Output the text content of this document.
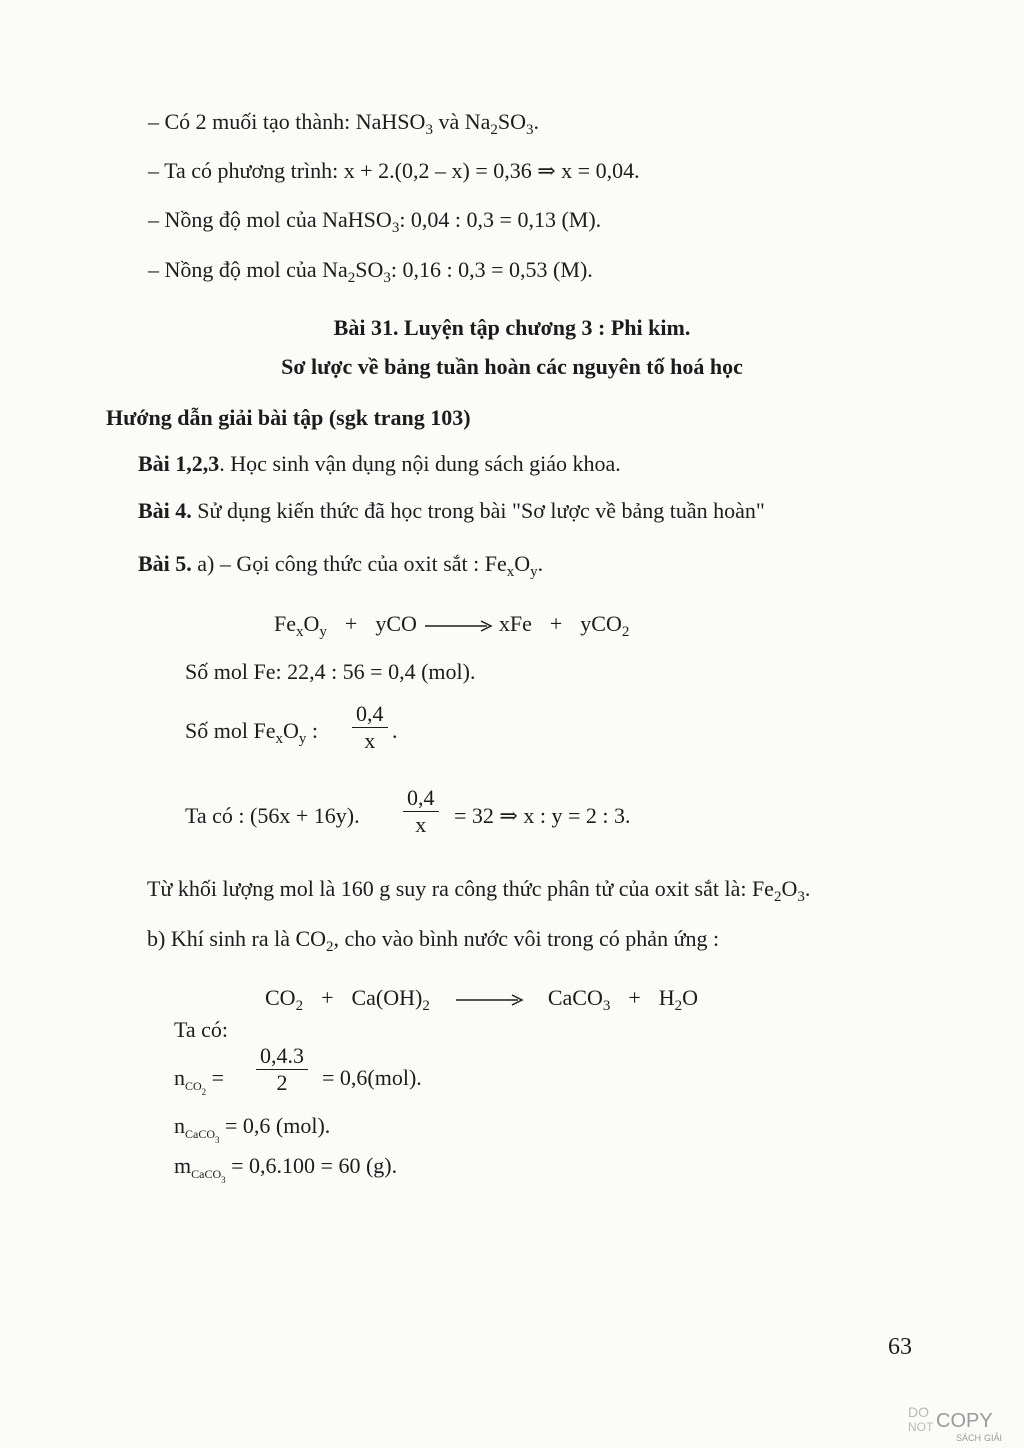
– Có 2 muối tạo thành: NaHSO$_3$ và $Na_2SO_3$.
– Ta có phương trình: x + 2.(0,2 – x) = 0,36 ⇒ x = 0,04.
– Nồng độ mol của NaHSO$_3$: 0,04 : 0,3 = 0,13 (M).
– Nồng độ mol của $Na_2SO_3$: 0,16 : 0,3 = 0,53 (M).
Bài 31. Luyện tập chương 3 : Phi kim.
Sơ lược về bảng tuần hoàn các nguyên tố hoá học
Hướng dẫn giải bài tập (sgk trang 103)
Bài 1,2,3. Học sinh vận dụng nội dung sách giáo khoa.
Bài 4. Sử dụng kiến thức đã học trong bài "Sơ lược về bảng tuần hoàn"
Bài 5. a) – Gọi công thức của oxit sắt : $Fe_xO_y$.
$Fe_xO_y$ + yCO → xFe + yCO$_2$
Số mol Fe: 22,4 : 56 = 0,4 (mol).
Số mol $Fe_xO_y$ :
0,4
x .
Ta có : (56x + 16y).
0,4
x	= 32 ⇒ x : y = 2 : 3.
Từ khối lượng mol là 160 g suy ra công thức phân tử của oxit sắt là: $Fe_2O_3$.
b) Khí sinh ra là $CO_2$, cho vào bình nước vôi trong có phản ứng :
$CO_2 + Ca(OH)_2$ → CaCO$_3$ + $H_2O$
Ta có:
$n_{CO_2}$ =
0,4.3
2	= 0,6(mol).
$n_{CaCO_3} = 0,6$ (mol).
$m_{CaCO_3} = 0,6.100 = 60$ (g).
63
DO
NOT COPY
SÁCH GIẢI
